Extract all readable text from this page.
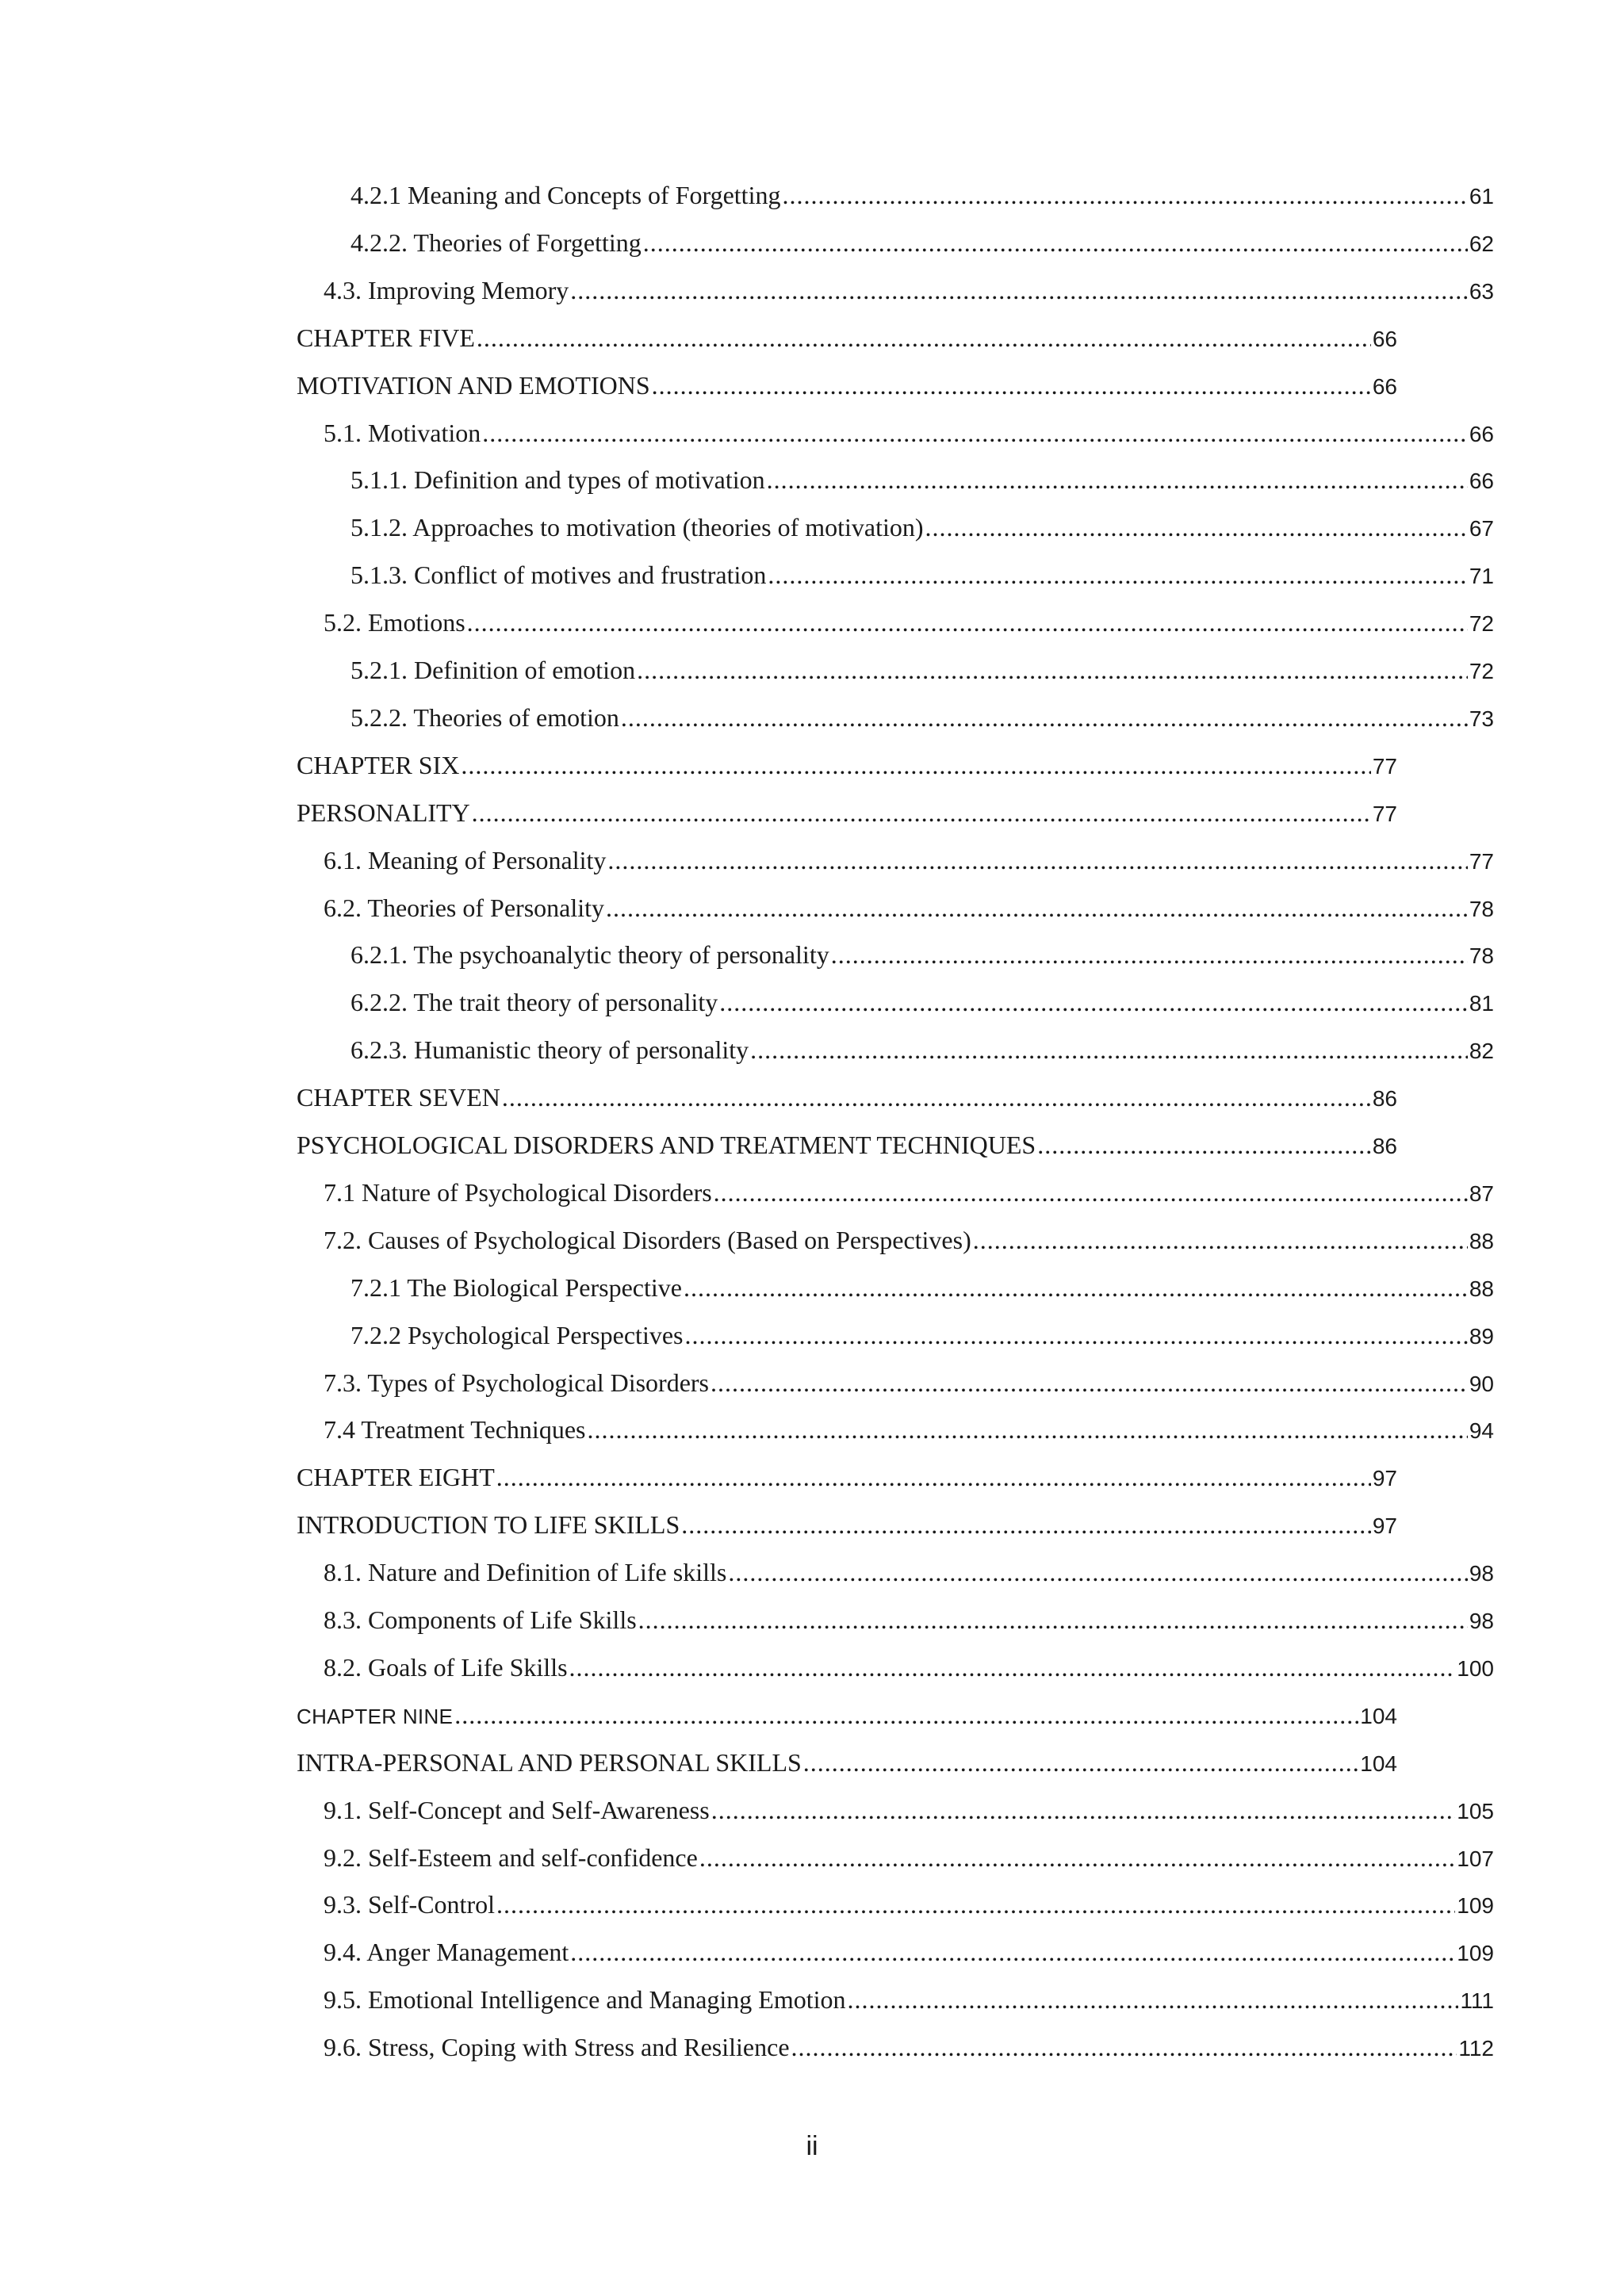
4.2.1 Meaning and Concepts of Forgetting .....	61
4.2.2. Theories of Forgetting .....	62
4.3. Improving Memory .....	63
CHAPTER FIVE .....	66
MOTIVATION AND EMOTIONS .....	66
5.1. Motivation .....	66
5.1.1. Definition and types of motivation .....	66
5.1.2. Approaches to motivation (theories of motivation) .....	67
5.1.3. Conflict of motives and frustration .....	71
5.2. Emotions .....	72
5.2.1. Definition of emotion .....	72
5.2.2. Theories of emotion .....	73
CHAPTER SIX .....	77
PERSONALITY .....	77
6.1. Meaning of Personality .....	77
6.2. Theories of Personality .....	78
6.2.1. The psychoanalytic theory of personality .....	78
6.2.2. The trait theory of personality .....	81
6.2.3. Humanistic theory of personality .....	82
CHAPTER SEVEN .....	86
PSYCHOLOGICAL DISORDERS AND TREATMENT TECHNIQUES .....	86
7.1 Nature of Psychological Disorders .....	87
7.2. Causes of Psychological Disorders (Based on Perspectives) .....	88
7.2.1 The Biological Perspective .....	88
7.2.2 Psychological Perspectives .....	89
7.3. Types of Psychological Disorders .....	90
7.4 Treatment Techniques .....	94
CHAPTER EIGHT .....	97
INTRODUCTION TO LIFE SKILLS .....	97
8.1. Nature and Definition of Life skills .....	98
8.3. Components of Life Skills .....	98
8.2. Goals of Life Skills .....	100
CHAPTER NINE .....	104
INTRA-PERSONAL AND PERSONAL SKILLS .....	104
9.1. Self-Concept and Self-Awareness .....	105
9.2. Self-Esteem and self-confidence .....	107
9.3. Self-Control .....	109
9.4. Anger Management .....	109
9.5. Emotional Intelligence and Managing Emotion .....	111
9.6. Stress, Coping with Stress and Resilience .....	112
ii
